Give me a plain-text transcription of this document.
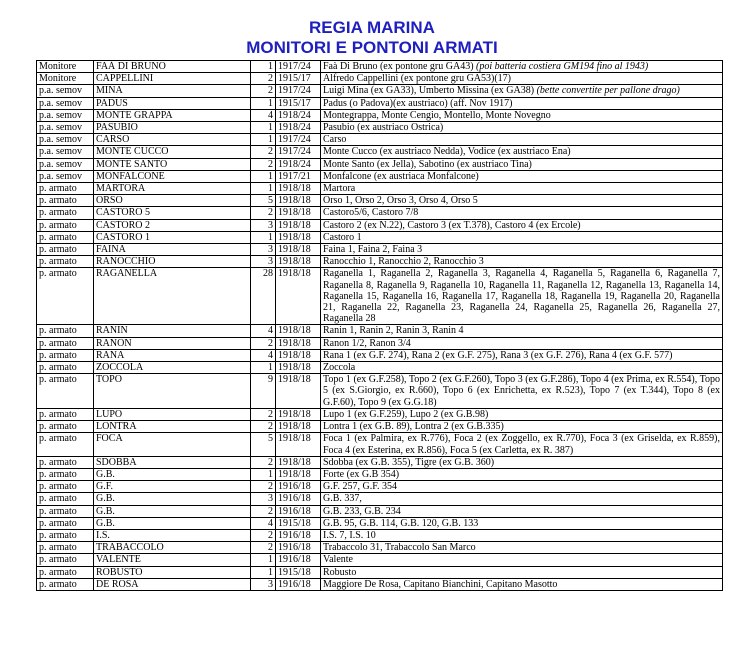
REGIA MARINA
MONITORI E PONTONI ARMATI
Monitore	FAÀ DI BRUNO	1	1917/24	Faà Di Bruno (ex pontone gru GA43) (poi batteria costiera GM194 fino al 1943)
Monitore	CAPPELLINI	2	1915/17	Alfredo Cappellini (ex pontone gru GA53)(17)
p.a. semov	MINA	2	1917/24	Luigi Mina (ex GA33), Umberto Missina (ex GA38) (bette convertite per pallone drago)
p.a. semov	PADUS	1	1915/17	Padus (o Padova)(ex austriaco) (aff. Nov 1917)
p.a. semov	MONTE GRAPPA	4	1918/24	Montegrappa, Monte Cengio, Montello, Monte Novegno
p.a. semov	PASUBIO	1	1918/24	Pasubio (ex austriaco Ostrica)
p.a. semov	CARSO	1	1917/24	Carso
p.a. semov	MONTE CUCCO	2	1917/24	Monte Cucco (ex austriaco Nedda), Vodice (ex austriaco Ena)
p.a. semov	MONTE SANTO	2	1918/24	Monte Santo (ex Jella), Sabotino (ex austriaco Tina)
p.a. semov	MONFALCONE	1	1917/21	Monfalcone (ex austriaca Monfalcone)
p. armato	MARTORA	1	1918/18	Martora
p. armato	ORSO	5	1918/18	Orso 1, Orso 2, Orso 3, Orso 4, Orso 5
p. armato	CASTORO 5	2	1918/18	Castoro5/6, Castoro 7/8
p. armato	CASTORO 2	3	1918/18	Castoro 2 (ex N.22), Castoro 3 (ex T.378), Castoro 4 (ex Ercole)
p. armato	CASTORO 1	1	1918/18	Castoro 1
p. armato	FAINA	3	1918/18	Faina 1, Faina 2, Faina 3
p. armato	RANOCCHIO	3	1918/18	Ranocchio 1, Ranocchio 2, Ranocchio 3
p. armato	RAGANELLA	28	1918/18	Raganella 1, Raganella 2, Raganella 3, Raganella 4, Raganella 5, Raganella 6, Raganella 7, Raganella 8, Raganella 9, Raganella 10, Raganella 11, Raganella 12, Raganella 13, Raganella 14, Raganella 15, Raganella 16, Raganella 17, Raganella 18, Raganella 19, Raganella 20, Raganella 21, Raganella 22, Raganella 23, Raganella 24, Raganella 25, Raganella 26, Raganella 27, Raganella 28
p. armato	RANIN	4	1918/18	Ranin 1, Ranin 2, Ranin 3, Ranin 4
p. armato	RANON	2	1918/18	Ranon 1/2, Ranon 3/4
p. armato	RANA	4	1918/18	Rana 1 (ex G.F. 274), Rana 2 (ex G.F. 275), Rana 3 (ex G.F. 276), Rana 4 (ex G.F. 577)
p. armato	ZOCCOLA	1	1918/18	Zoccola
p. armato	TOPO	9	1918/18	Topo 1 (ex G.F.258), Topo 2 (ex G.F.260), Topo 3 (ex G.F.286), Topo 4 (ex Prima, ex R.554), Topo 5 (ex S.Giorgio, ex R.660), Topo 6 (ex Enrichetta, ex R.523), Topo 7 (ex T.344), Topo 8 (ex G.F.60), Topo 9 (ex G.G.18)
p. armato	LUPO	2	1918/18	Lupo 1 (ex G.F.259), Lupo 2 (ex G.B.98)
p. armato	LONTRA	2	1918/18	Lontra 1 (ex G.B. 89), Lontra 2 (ex G.B.335)
p. armato	FOCA	5	1918/18	Foca 1 (ex Palmira, ex R.776), Foca 2 (ex Zoggello, ex R.770), Foca 3 (ex Griselda, ex R.859), Foca 4 (ex Esterina, ex R.856), Foca 5 (ex Carletta, ex R. 387)
p. armato	SDOBBA	2	1918/18	Sdobba (ex G.B. 355), Tigre (ex G.B. 360)
p. armato	G.B.	1	1918/18	Forte (ex G.B 354)
p. armato	G.F.	2	1916/18	G.F. 257, G.F. 354
p. armato	G.B.	3	1916/18	G.B. 337,
p. armato	G.B.	2	1916/18	G.B. 233, G.B. 234
p. armato	G.B.	4	1915/18	G.B. 95, G.B. 114, G.B. 120, G.B. 133
p. armato	I.S.	2	1916/18	I.S. 7, I.S. 10
p. armato	TRABACCOLO	2	1916/18	Trabaccolo 31, Trabaccolo San Marco
p. armato	VALENTE	1	1916/18	Valente
p. armato	ROBUSTO	1	1915/18	Robusto
p. armato	DE ROSA	3	1916/18	Maggiore De Rosa, Capitano Bianchini, Capitano Masotto
